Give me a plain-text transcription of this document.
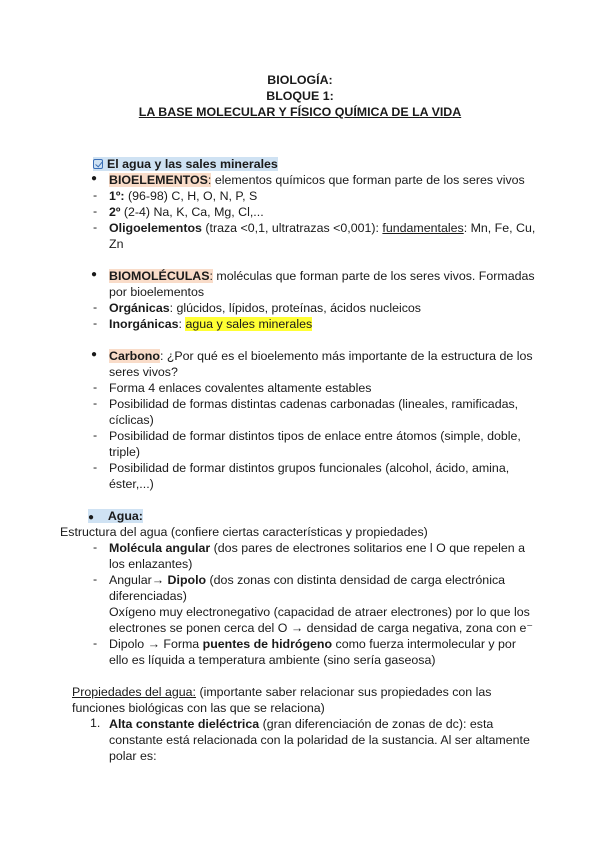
BIOLOGÍA:
BLOQUE 1:
LA BASE MOLECULAR Y FÍSICO QUÍMICA DE LA VIDA
El agua y las sales minerales
● BIOELEMENTOS: elementos químicos que forman parte de los seres vivos
- 1º: (96-98) C, H, O, N, P, S
- 2º (2-4) Na, K, Ca, Mg, Cl,...
- Oligoelementos (traza <0,1, ultratrazas <0,001): fundamentales: Mn, Fe, Cu,
Zn
● BIOMOLÉCULAS: moléculas que forman parte de los seres vivos. Formadas
por bioelementos
- Orgánicas: glúcidos, lípidos, proteínas, ácidos nucleicos
- Inorgánicas: agua y sales minerales
● Carbono: ¿Por qué es el bioelemento más importante de la estructura de los
seres vivos?
- Forma 4 enlaces covalentes altamente estables
- Posibilidad de formas distintas cadenas carbonadas (lineales, ramificadas,
cíclicas)
- Posibilidad de formar distintos tipos de enlace entre átomos (simple, doble,
triple)
- Posibilidad de formar distintos grupos funcionales (alcohol, ácido, amina,
éster,...)
● Agua:
Estructura del agua (confiere ciertas características y propiedades)
- Molécula angular (dos pares de electrones solitarios ene l O que repelen a
los enlazantes)
- Angular→ Dipolo (dos zonas con distinta densidad de carga electrónica
diferenciadas)
Oxígeno muy electronegativo (capacidad de atraer electrones) por lo que los
electrones se ponen cerca del O → densidad de carga negativa, zona con e⁻
- Dipolo → Forma puentes de hidrógeno como fuerza intermolecular y por
ello es líquida a temperatura ambiente (sino sería gaseosa)
Propiedades del agua: (importante saber relacionar sus propiedades con las
funciones biológicas con las que se relaciona)
1. Alta constante dieléctrica (gran diferenciación de zonas de dc): esta
constante está relacionada con la polaridad de la sustancia. Al ser altamente
polar es:
